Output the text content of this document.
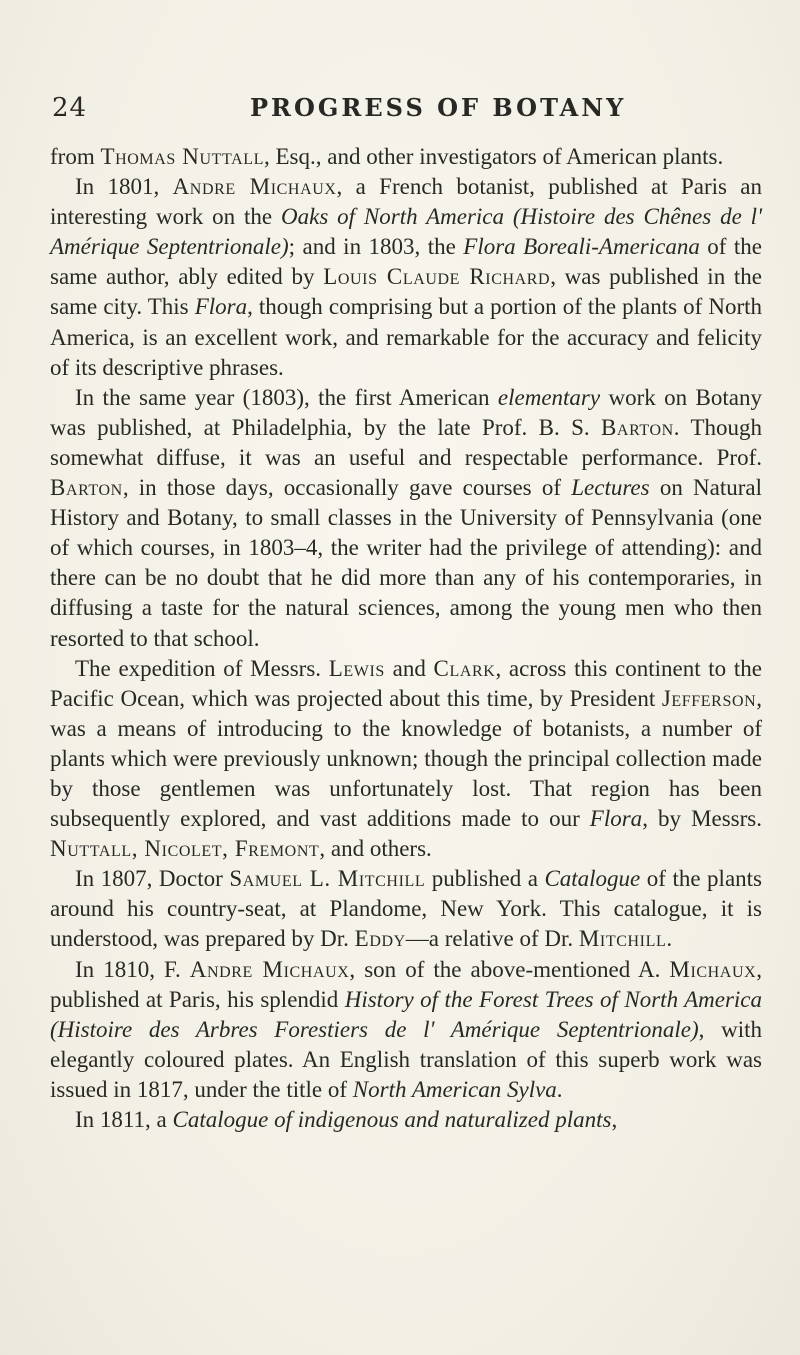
24	PROGRESS OF BOTANY

from Thomas Nuttall, Esq., and other investigators of American plants.

In 1801, Andre Michaux, a French botanist, published at Paris an interesting work on the Oaks of North America (Histoire des Chênes de l' Amérique Septentrionale); and in 1803, the Flora Boreali-Americana of the same author, ably edited by Louis Claude Richard, was published in the same city. This Flora, though comprising but a portion of the plants of North America, is an excellent work, and remarkable for the accuracy and felicity of its descriptive phrases.

In the same year (1803), the first American elementary work on Botany was published, at Philadelphia, by the late Prof. B. S. Barton. Though somewhat diffuse, it was an useful and respectable performance. Prof. Barton, in those days, occasionally gave courses of Lectures on Natural History and Botany, to small classes in the University of Pennsylvania (one of which courses, in 1803–4, the writer had the privilege of attending): and there can be no doubt that he did more than any of his contemporaries, in diffusing a taste for the natural sciences, among the young men who then resorted to that school.

The expedition of Messrs. Lewis and Clark, across this continent to the Pacific Ocean, which was projected about this time, by President Jefferson, was a means of introducing to the knowledge of botanists, a number of plants which were previously unknown; though the principal collection made by those gentlemen was unfortunately lost. That region has been subsequently explored, and vast additions made to our Flora, by Messrs. Nuttall, Nicolet, Fremont, and others.

In 1807, Doctor Samuel L. Mitchill published a Catalogue of the plants around his country-seat, at Plandome, New York. This catalogue, it is understood, was prepared by Dr. Eddy—a relative of Dr. Mitchill.

In 1810, F. Andre Michaux, son of the above-mentioned A. Michaux, published at Paris, his splendid History of the Forest Trees of North America (Histoire des Arbres Forestiers de l' Amérique Septentrionale), with elegantly coloured plates. An English translation of this superb work was issued in 1817, under the title of North American Sylva.

In 1811, a Catalogue of indigenous and naturalized plants,
